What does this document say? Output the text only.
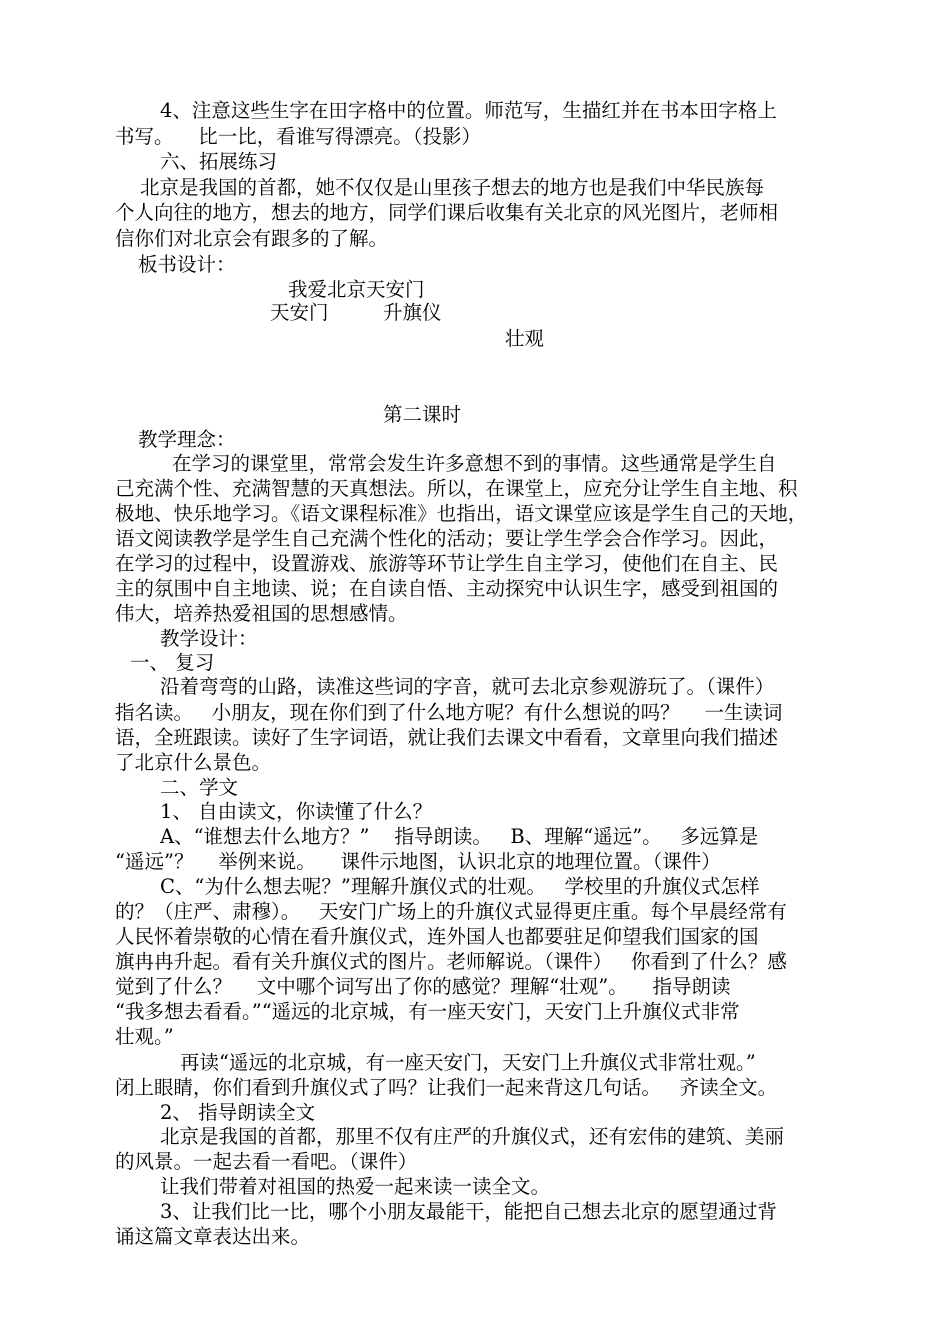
4、注意这些生字在田字格中的位置。师范写，生描红并在书本田字格上
书写。    比一比，看谁写得漂亮。（投影）
六、拓展练习
北京是我国的首都，她不仅仅是山里孩子想去的地方也是我们中华民族每
个人向往的地方，想去的地方，同学们课后收集有关北京的风光图片，老师相
信你们对北京会有跟多的了解。
板书设计：
我爱北京天安门
天安门	升旗仪
壮观
第二课时
教学理念：
在学习的课堂里，常常会发生许多意想不到的事情。这些通常是学生自
己充满个性、充满智慧的天真想法。所以，在课堂上，应充分让学生自主地、积
极地、快乐地学习。《语文课程标准》也指出，语文课堂应该是学生自己的天地，
语文阅读教学是学生自己充满个性化的活动；要让学生学会合作学习。因此，
在学习的过程中，设置游戏、旅游等环节让学生自主学习，使他们在自主、民
主的氛围中自主地读、说；在自读自悟、主动探究中认识生字，感受到祖国的
伟大，培养热爱祖国的思想感情。
教学设计：
一、 复习
沿着弯弯的山路，读准这些词的字音，就可去北京参观游玩了。（课件）
指名读。   小朋友，现在你们到了什么地方呢？有什么想说的吗？    一生读词
语，全班跟读。读好了生字词语，就让我们去课文中看看，文章里向我们描述
了北京什么景色。
二、学文
1、 自由读文，你读懂了什么？
A、“谁想去什么地方？”    指导朗读。   B、理解“遥远”。   多远算是
“遥远”？    举例来说。    课件示地图，认识北京的地理位置。（课件）
C、“为什么想去呢？”理解升旗仪式的壮观。   学校里的升旗仪式怎样
的？（庄严、肃穆）。   天安门广场上的升旗仪式显得更庄重。每个早晨经常有
人民怀着崇敬的心情在看升旗仪式，连外国人也都要驻足仰望我们国家的国
旗冉冉升起。看有关升旗仪式的图片。老师解说。（课件）   你看到了什么？感
觉到了什么？    文中哪个词写出了你的感觉？理解“壮观”。    指导朗读
“我多想去看看。”“遥远的北京城，有一座天安门，天安门上升旗仪式非常
壮观。”
再读“遥远的北京城，有一座天安门，天安门上升旗仪式非常壮观。”
闭上眼睛，你们看到升旗仪式了吗？让我们一起来背这几句话。   齐读全文。
2、 指导朗读全文
北京是我国的首都，那里不仅有庄严的升旗仪式，还有宏伟的建筑、美丽
的风景。一起去看一看吧。（课件）
让我们带着对祖国的热爱一起来读一读全文。
3、让我们比一比，哪个小朋友最能干，能把自己想去北京的愿望通过背
诵这篇文章表达出来。
